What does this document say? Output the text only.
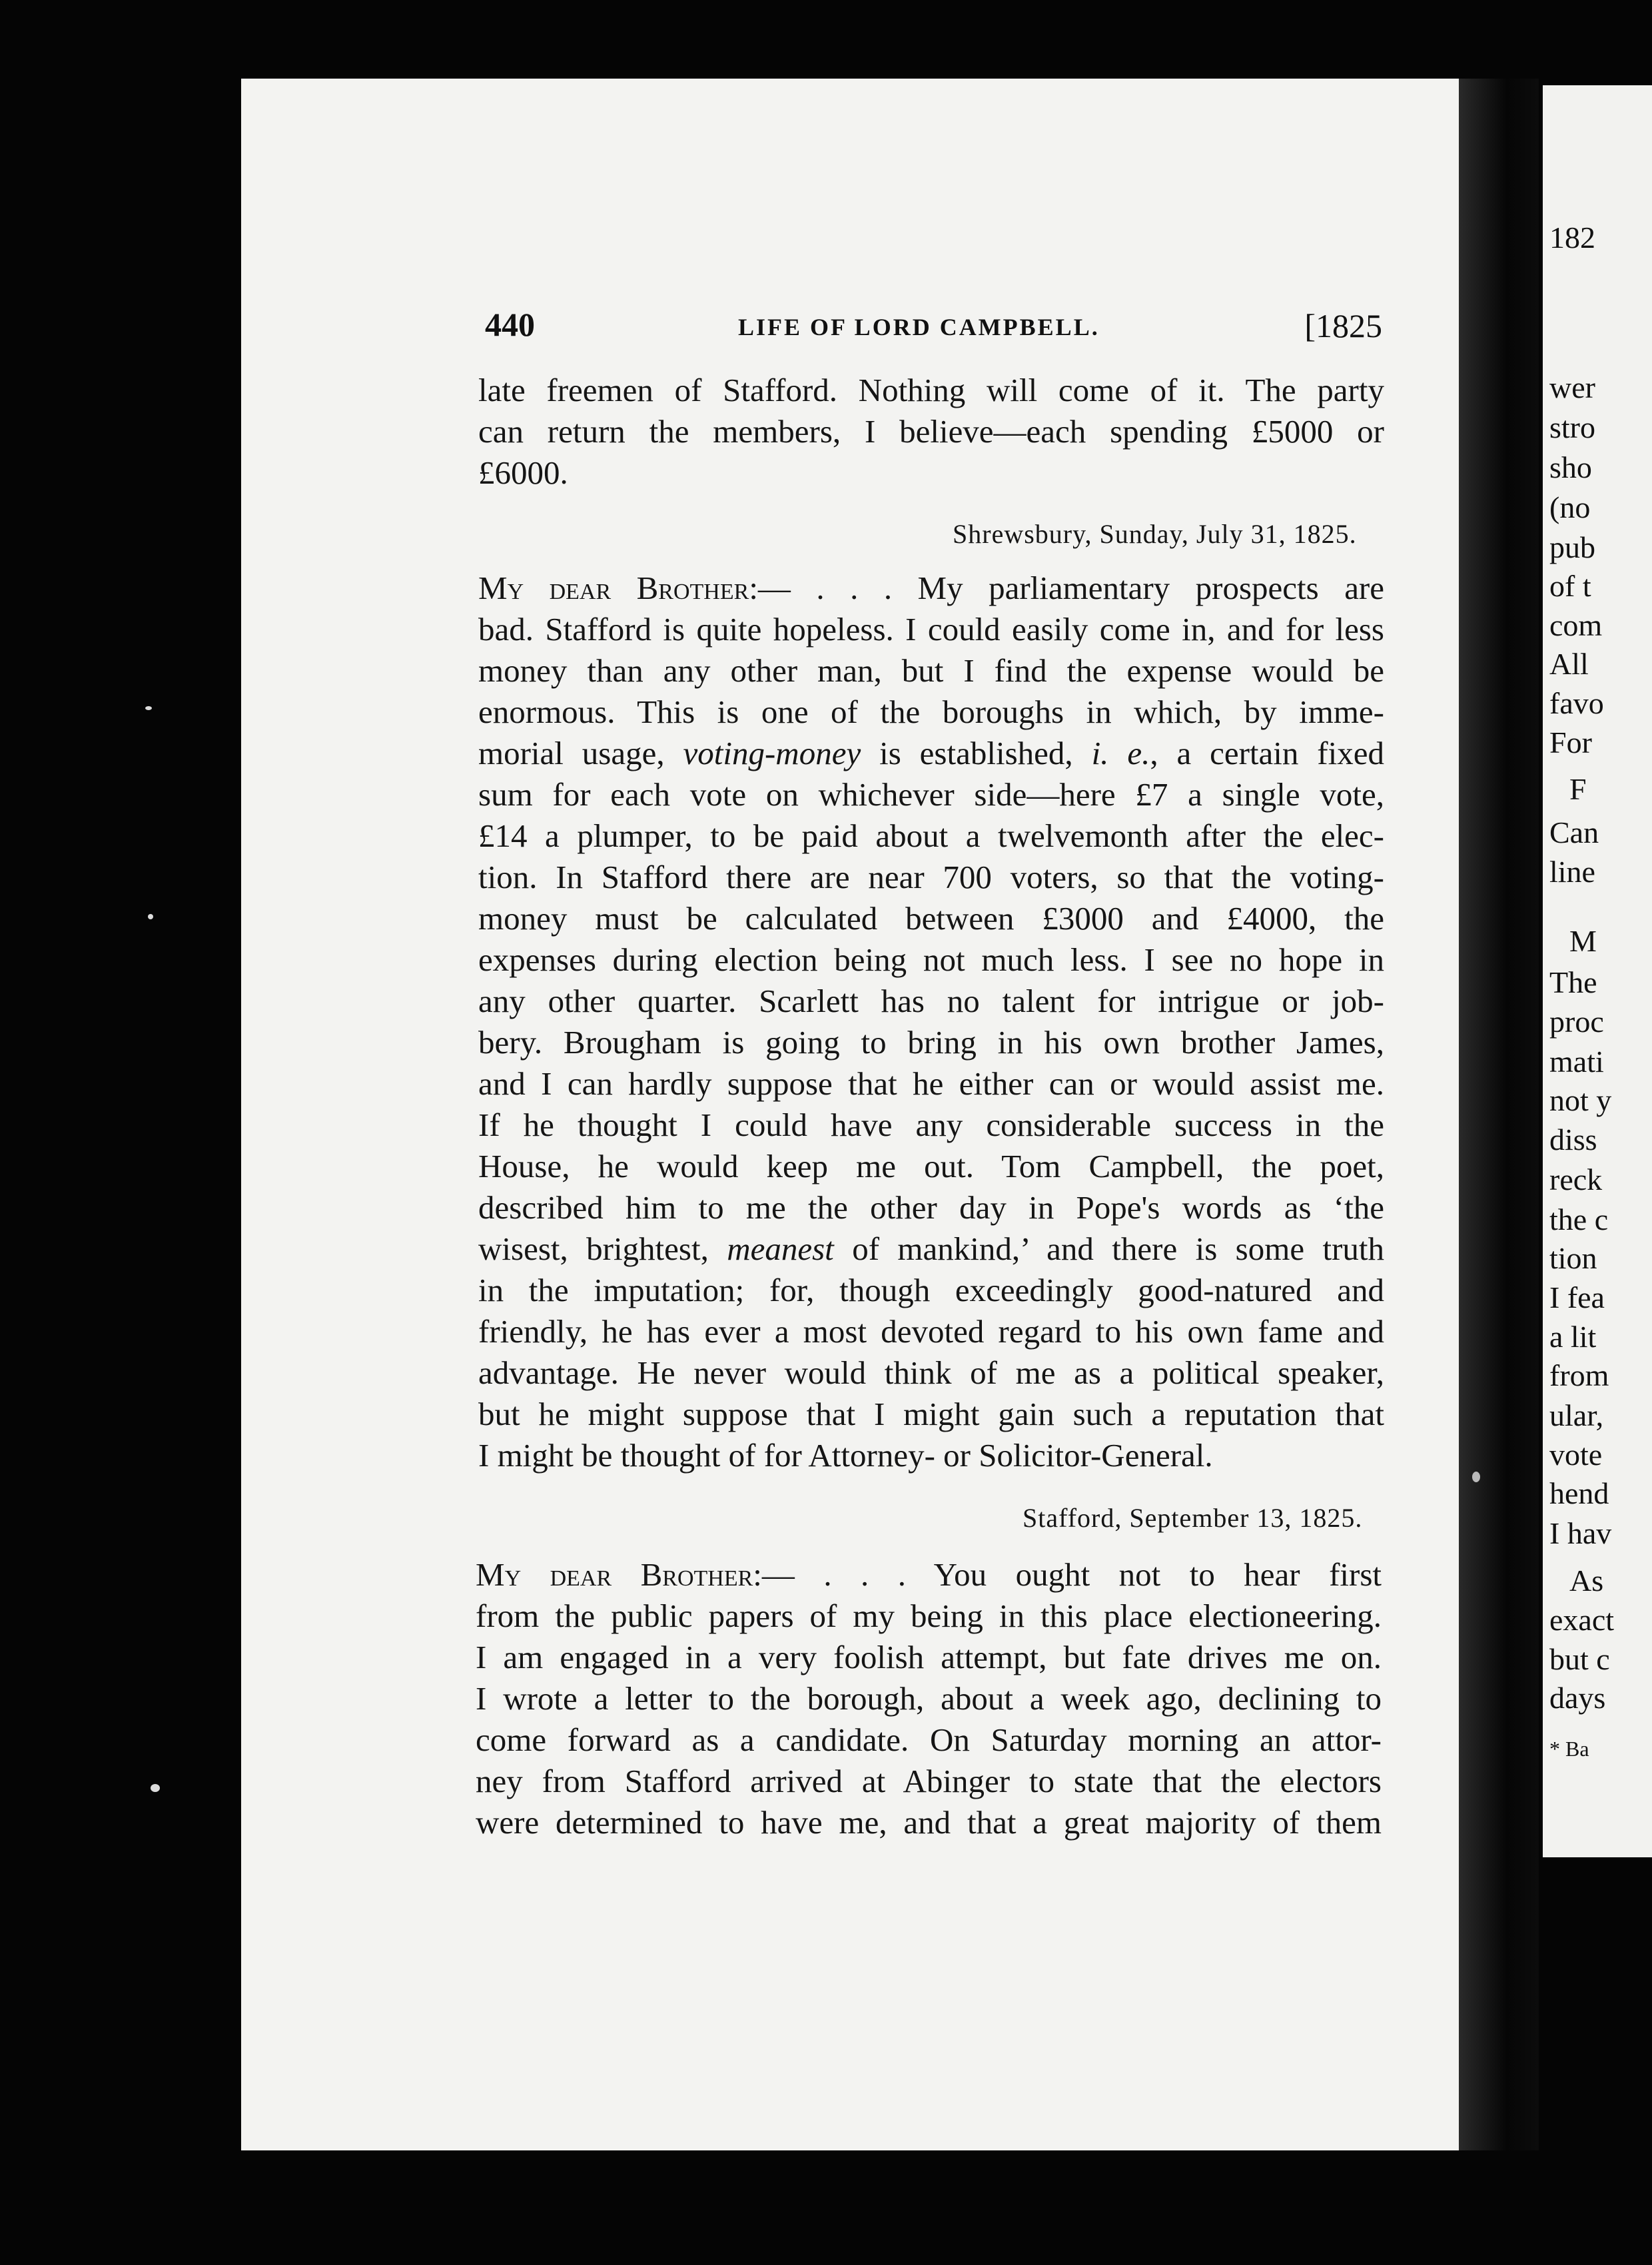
182
wer
stro
sho
(no
pub
of t
com
All
favo
For
F
Can
line
M
The
proc
mati
not y
diss
reck
the c
tion
I fea
a lit
from
ular,
vote
hend
I hav
As
exact
but c
days
* Ba
440	LIFE OF LORD CAMPBELL.	[1825
late freemen of Stafford. Nothing will come of it. The party
can return the members, I believe—each spending £5000 or
£6000.
Shrewsbury, Sunday, July 31, 1825.
My dear Brother:— . . . My parliamentary prospects are
bad. Stafford is quite hopeless. I could easily come in, and for less
money than any other man, but I find the expense would be
enormous. This is one of the boroughs in which, by imme-
morial usage, voting-money is established, i. e., a certain fixed
sum for each vote on whichever side—here £7 a single vote,
£14 a plumper, to be paid about a twelvemonth after the elec-
tion. In Stafford there are near 700 voters, so that the voting-
money must be calculated between £3000 and £4000, the
expenses during election being not much less. I see no hope in
any other quarter. Scarlett has no talent for intrigue or job-
bery. Brougham is going to bring in his own brother James,
and I can hardly suppose that he either can or would assist me.
If he thought I could have any considerable success in the
House, he would keep me out. Tom Campbell, the poet,
described him to me the other day in Pope's words as ‘the
wisest, brightest, meanest of mankind,’ and there is some truth
in the imputation; for, though exceedingly good-natured and
friendly, he has ever a most devoted regard to his own fame and
advantage. He never would think of me as a political speaker,
but he might suppose that I might gain such a reputation that
I might be thought of for Attorney- or Solicitor-General.
Stafford, September 13, 1825.
My dear Brother:— . . . You ought not to hear first
from the public papers of my being in this place electioneering.
I am engaged in a very foolish attempt, but fate drives me on.
I wrote a letter to the borough, about a week ago, declining to
come forward as a candidate. On Saturday morning an attor-
ney from Stafford arrived at Abinger to state that the electors
were determined to have me, and that a great majority of them
